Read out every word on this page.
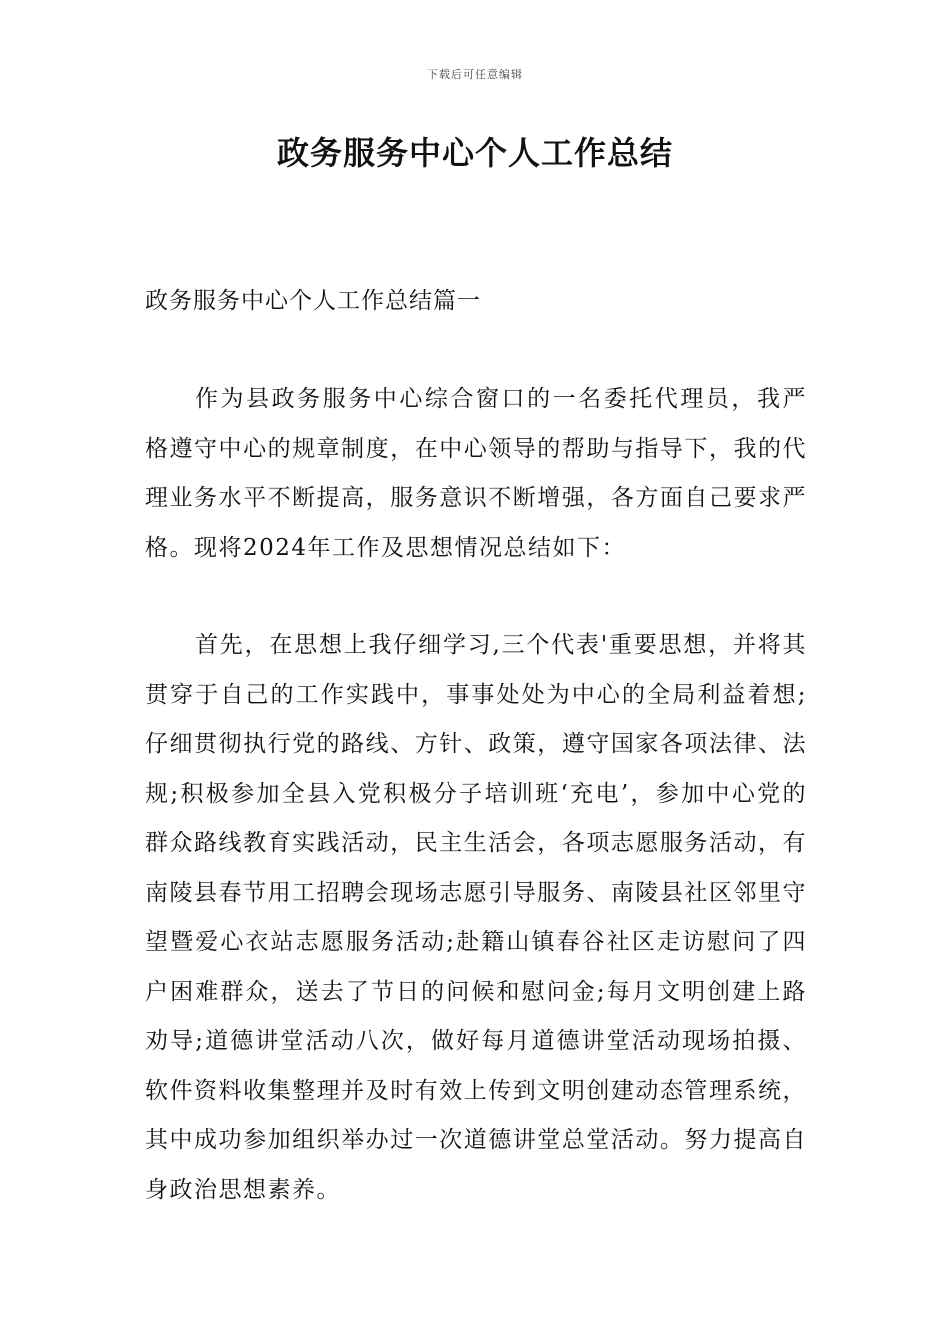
下载后可任意编辑
政务服务中心个人工作总结
政务服务中心个人工作总结篇一

作为县政务服务中心综合窗口的一名委托代理员，我严格遵守中心的规章制度，在中心领导的帮助与指导下，我的代理业务水平不断提高，服务意识不断增强，各方面自己要求严格。现将2024年工作及思想情况总结如下：

首先，在思想上我仔细学习,三个代表'重要思想，并将其贯穿于自己的工作实践中，事事处处为中心的全局利益着想;仔细贯彻执行党的路线、方针、政策，遵守国家各项法律、法规;积极参加全县入党积极分子培训班‘充电’，参加中心党的群众路线教育实践活动，民主生活会，各项志愿服务活动，有南陵县春节用工招聘会现场志愿引导服务、南陵县社区邻里守望暨爱心衣站志愿服务活动;赴籍山镇春谷社区走访慰问了四户困难群众，送去了节日的问候和慰问金;每月文明创建上路劝导;道德讲堂活动八次，做好每月道德讲堂活动现场拍摄、软件资料收集整理并及时有效上传到文明创建动态管理系统，其中成功参加组织举办过一次道德讲堂总堂活动。努力提高自身政治思想素养。
